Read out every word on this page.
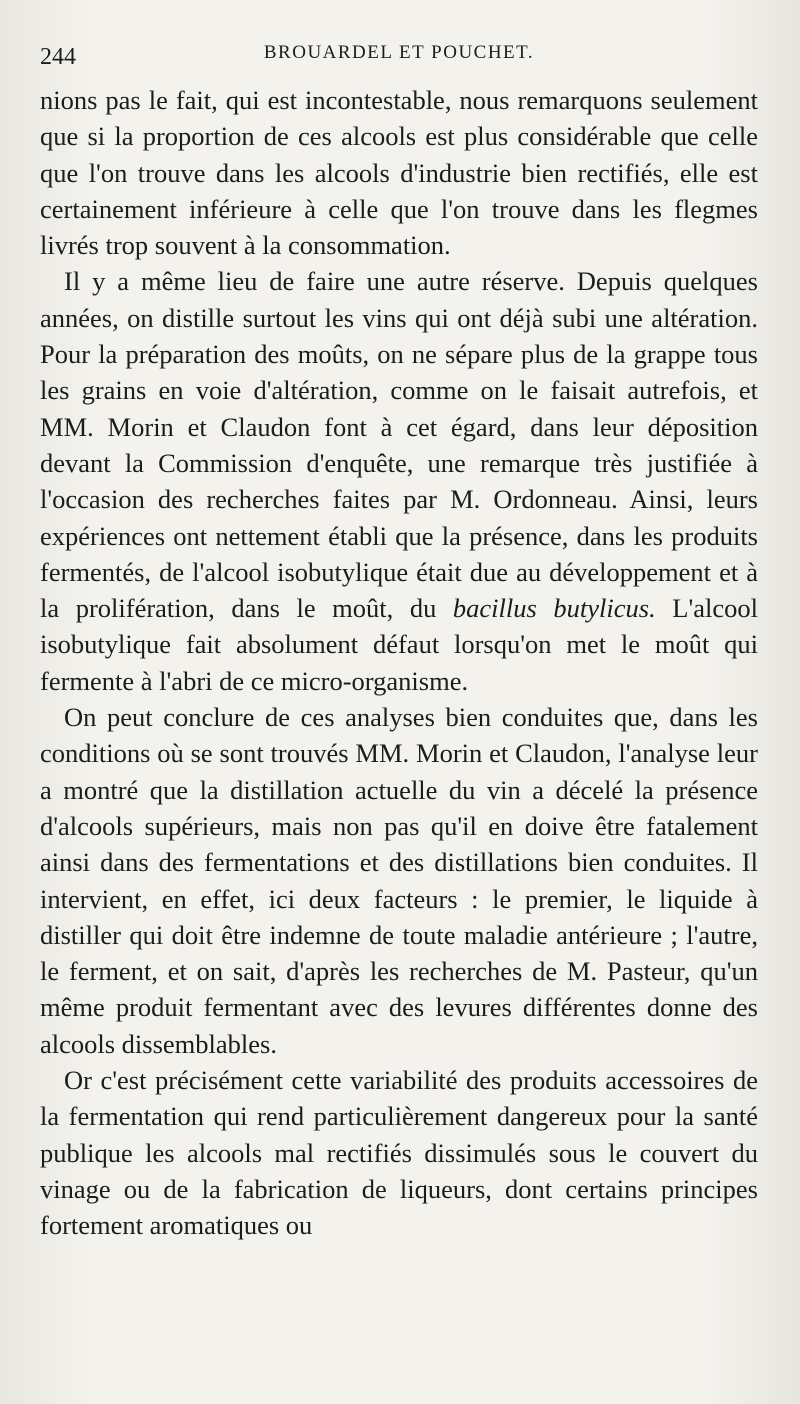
244	BROUARDEL ET POUCHET.

nions pas le fait, qui est incontestable, nous remarquons seulement que si la proportion de ces alcools est plus considérable que celle que l'on trouve dans les alcools d'industrie bien rectifiés, elle est certainement inférieure à celle que l'on trouve dans les flegmes livrés trop souvent à la consommation.

Il y a même lieu de faire une autre réserve. Depuis quelques années, on distille surtout les vins qui ont déjà subi une altération. Pour la préparation des moûts, on ne sépare plus de la grappe tous les grains en voie d'altération, comme on le faisait autrefois, et MM. Morin et Claudon font à cet égard, dans leur déposition devant la Commission d'enquête, une remarque très justifiée à l'occasion des recherches faites par M. Ordonneau. Ainsi, leurs expériences ont nettement établi que la présence, dans les produits fermentés, de l'alcool isobutylique était due au développement et à la prolifération, dans le moût, du bacillus butylicus. L'alcool isobutylique fait absolument défaut lorsqu'on met le moût qui fermente à l'abri de ce micro-organisme.

On peut conclure de ces analyses bien conduites que, dans les conditions où se sont trouvés MM. Morin et Claudon, l'analyse leur a montré que la distillation actuelle du vin a décelé la présence d'alcools supérieurs, mais non pas qu'il en doive être fatalement ainsi dans des fermentations et des distillations bien conduites. Il intervient, en effet, ici deux facteurs : le premier, le liquide à distiller qui doit être indemne de toute maladie antérieure ; l'autre, le ferment, et on sait, d'après les recherches de M. Pasteur, qu'un même produit fermentant avec des levures différentes donne des alcools dissemblables.

Or c'est précisément cette variabilité des produits accessoires de la fermentation qui rend particulièrement dangereux pour la santé publique les alcools mal rectifiés dissimulés sous le couvert du vinage ou de la fabrication de liqueurs, dont certains principes fortement aromatiques ou
